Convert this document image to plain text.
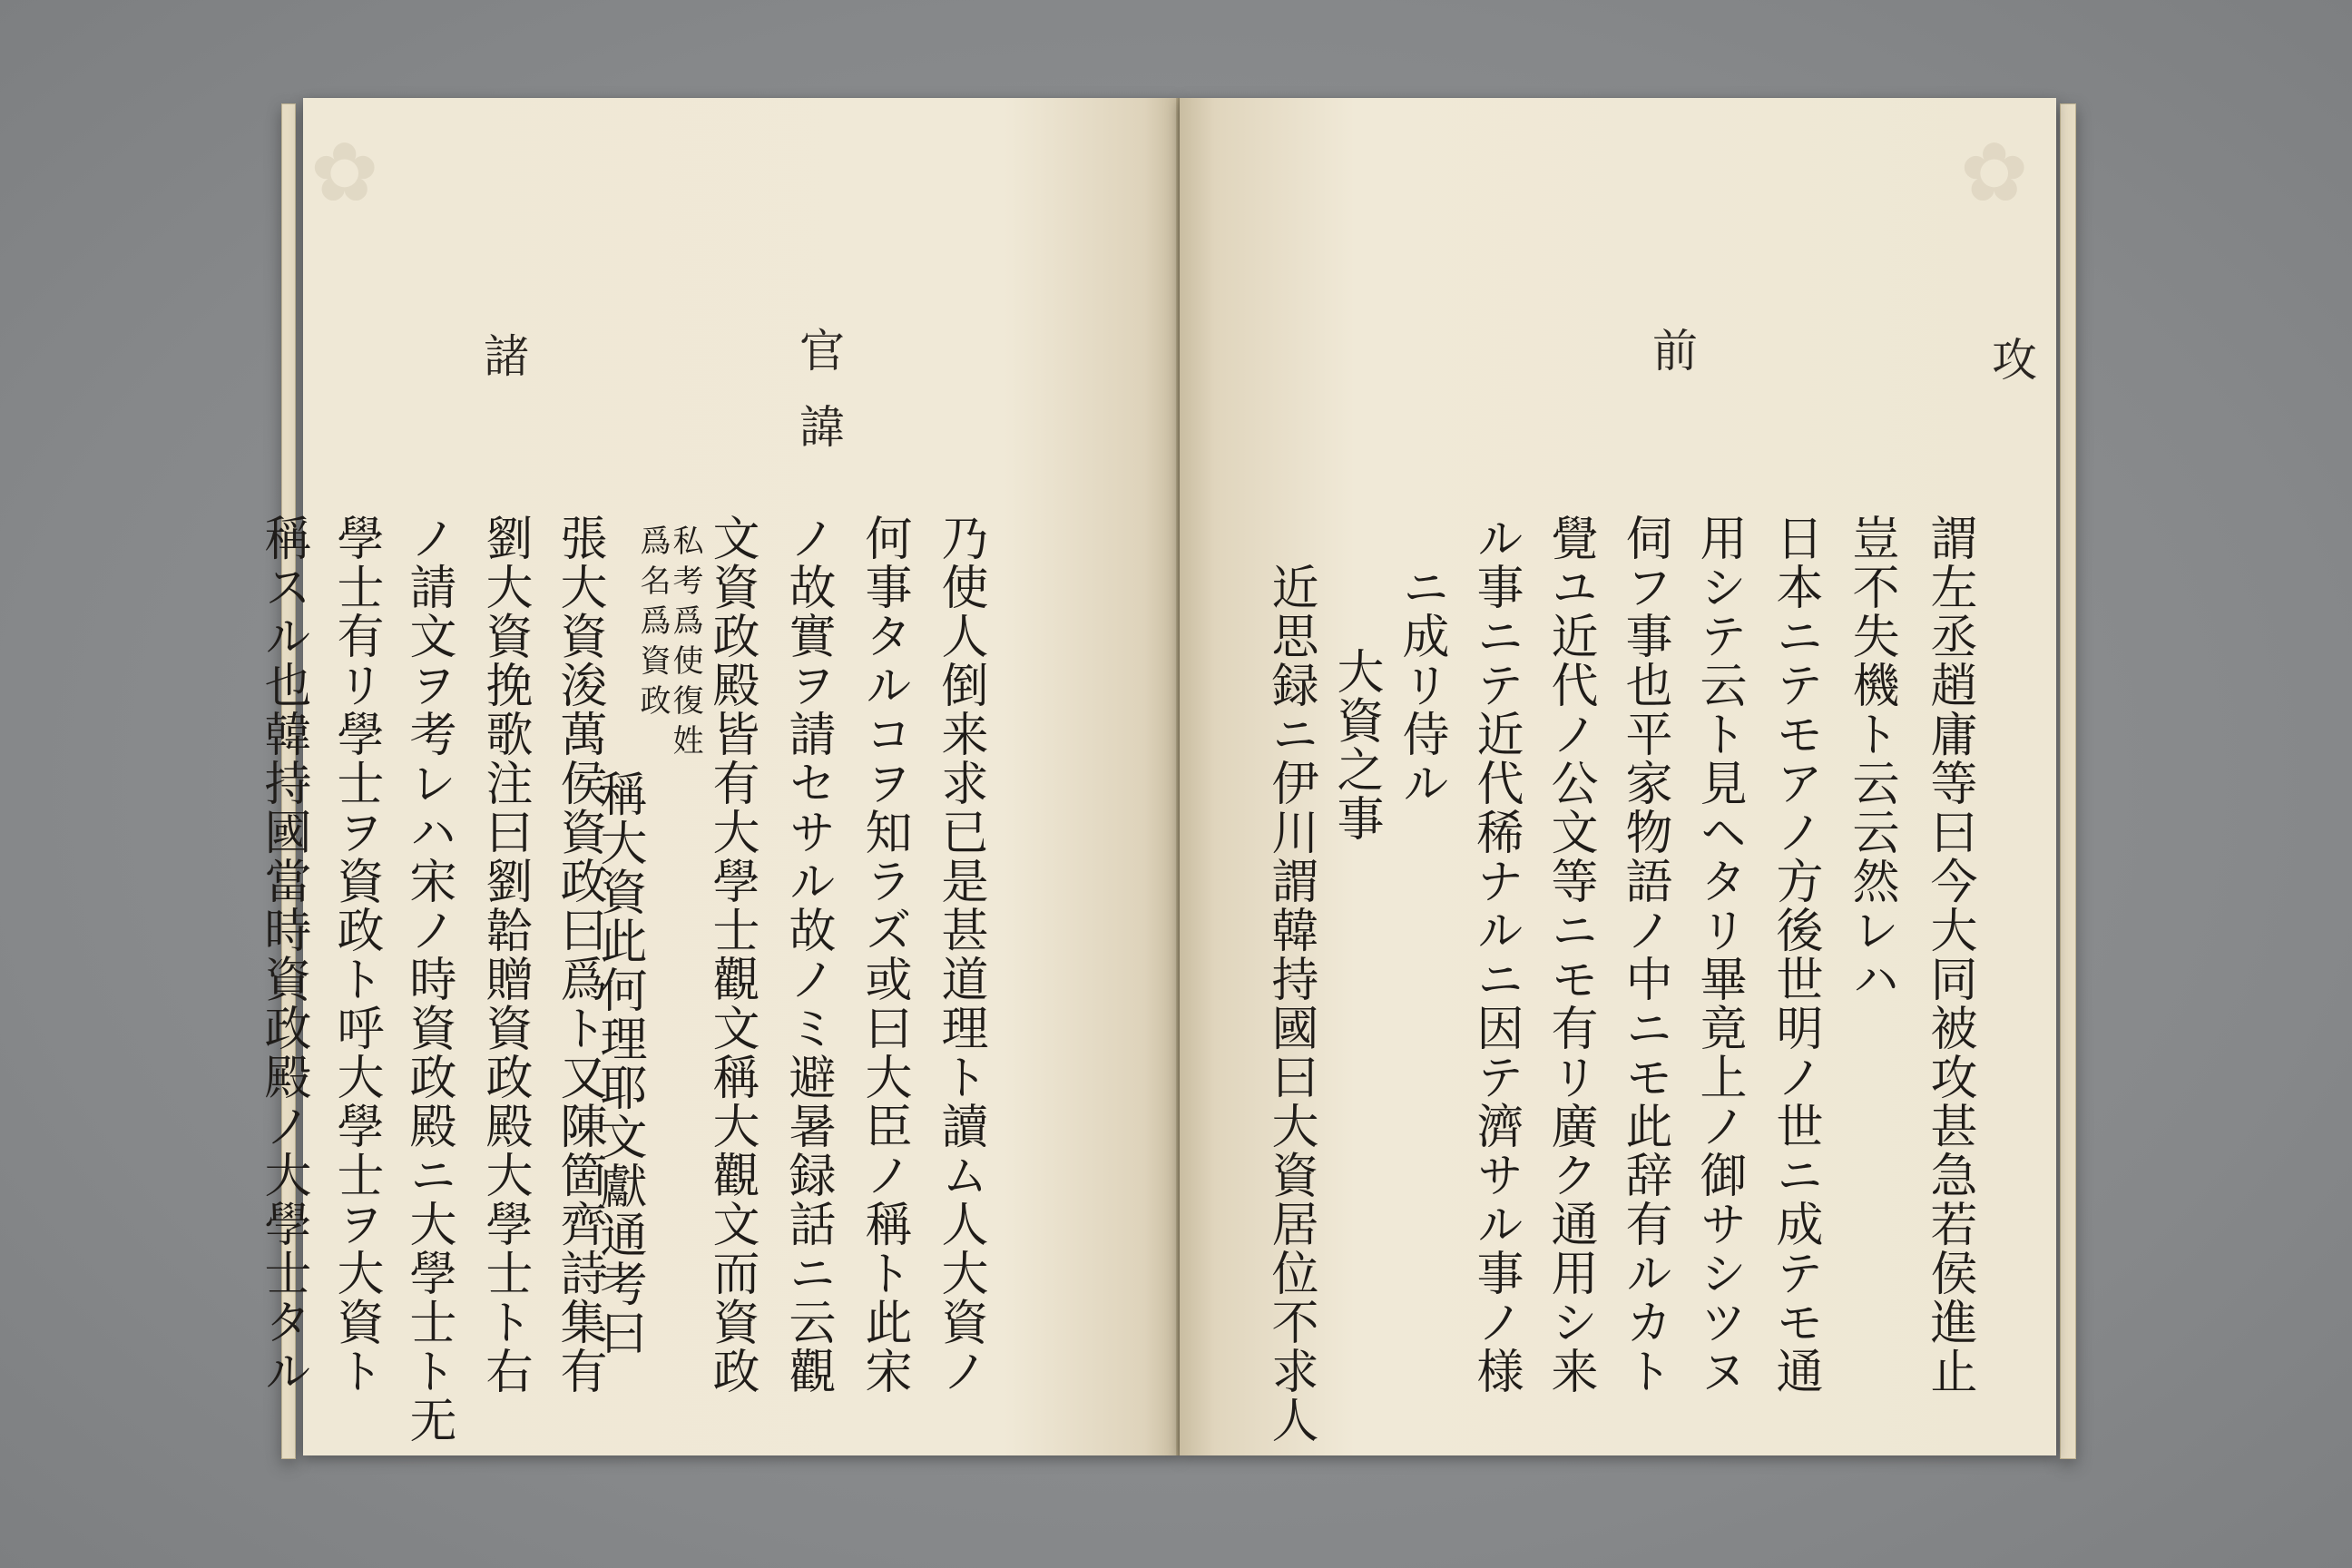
✿
諸	官諱
乃使人倒来求已是甚道理ト讀ム人大資ノ
何事タルコヲ知ラズ或曰大臣ノ稱ト此宋
ノ故實ヲ請セサル故ノミ避暑録話ニ云觀
文資政殿皆有大學士觀文稱大觀文而資政
私考爲使復姓
爲名爲資政
稱大資此何理耶文獻通考曰
張大資浚萬侯資政曰爲ト又陳箇齊詩集有
劉大資挽歌注曰劉韐贈資政殿大學士ト右
ノ請文ヲ考レハ宋ノ時資政殿ニ大學士ト无
學士有リ學士ヲ資政ト呼大學士ヲ大資ト
稱スル也韓持國當時資政殿ノ大學士タル
✿
攻
前
謂左丞趙庸等曰今大同被攻甚急若侯進止
豈不失機ト云云然レハ
日本ニテモアノ方後世明ノ世ニ成テモ通
用シテ云ト見ヘタリ畢竟上ノ御サシツヌ
伺フ事也平家物語ノ中ニモ此辞有ルカト
覺ユ近代ノ公文等ニモ有リ廣ク通用シ来
ル事ニテ近代稀ナルニ因テ濟サル事ノ様
ニ成リ侍ル
大資之事
近思録ニ伊川謂韓持國曰大資居位不求人
